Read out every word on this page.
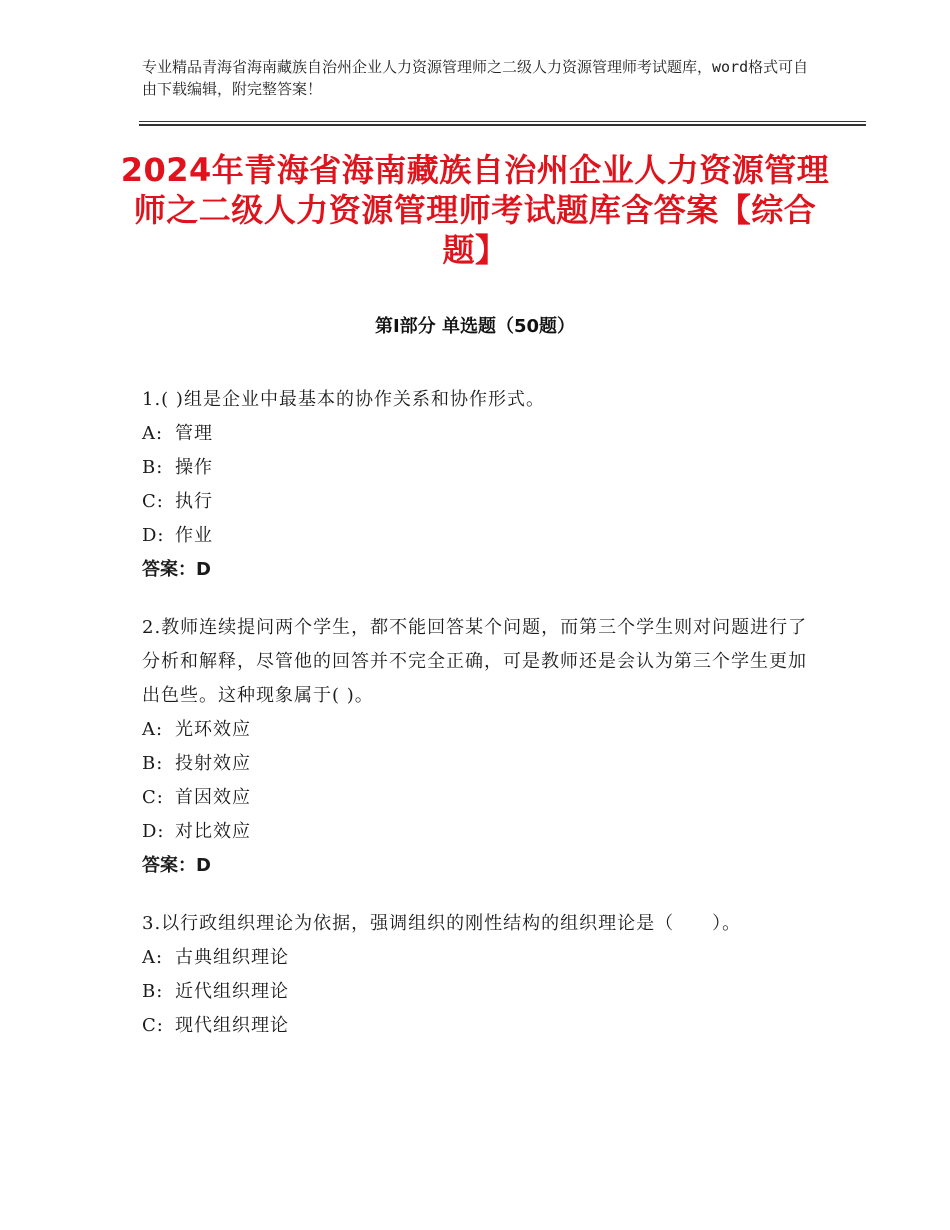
专业精品青海省海南藏族自治州企业人力资源管理师之二级人力资源管理师考试题库，word格式可自由下载编辑，附完整答案！
2024年青海省海南藏族自治州企业人力资源管理师之二级人力资源管理师考试题库含答案【综合题】
第Ⅰ部分 单选题（50题）
1.( )组是企业中最基本的协作关系和协作形式。
A: 管理
B: 操作
C: 执行
D: 作业
答案：D
2.教师连续提问两个学生，都不能回答某个问题，而第三个学生则对问题进行了分析和解释，尽管他的回答并不完全正确，可是教师还是会认为第三个学生更加出色些。这种现象属于( )。
A: 光环效应
B: 投射效应
C: 首因效应
D: 对比效应
答案：D
3.以行政组织理论为依据，强调组织的刚性结构的组织理论是（　　）。
A: 古典组织理论
B: 近代组织理论
C: 现代组织理论
